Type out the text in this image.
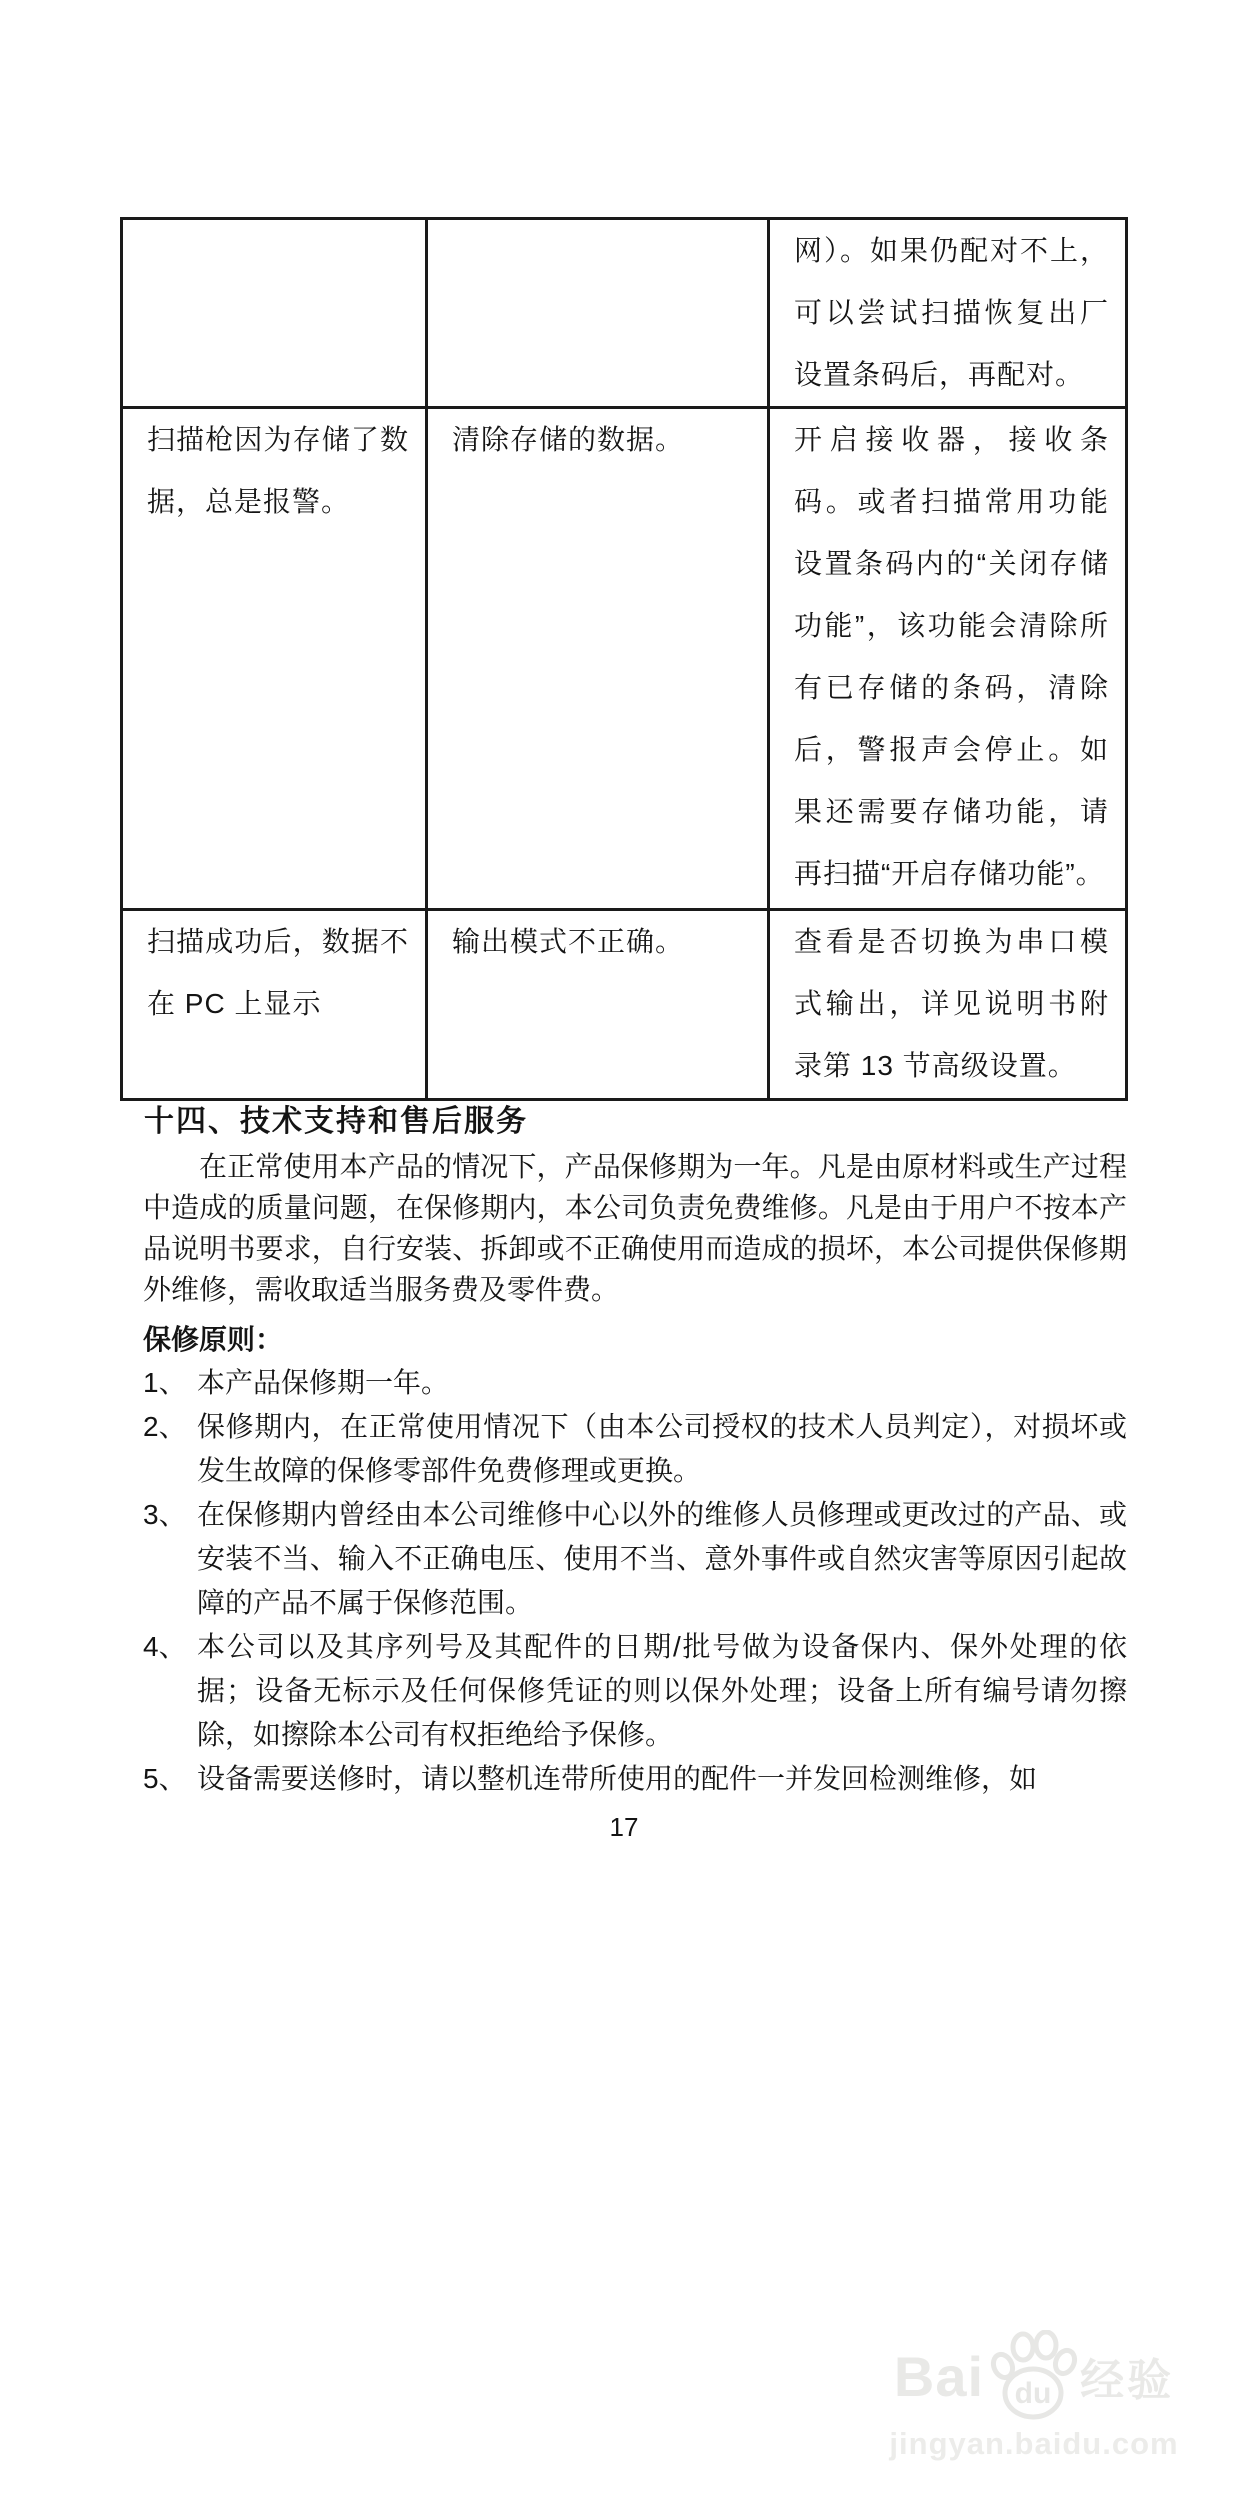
		网）。如果仍配对不上，可以尝试扫描恢复出厂设置条码后，再配对。
扫描枪因为存储了数据，总是报警。	清除存储的数据。	开启接收器，接收条码。或者扫描常用功能设置条码内的“关闭存储功能”，该功能会清除所有已存储的条码，清除后，警报声会停止。如果还需要存储功能，请再扫描“开启存储功能”。
扫描成功后，数据不在 PC 上显示	输出模式不正确。	查看是否切换为串口模式输出，详见说明书附录第 13 节高级设置。
十四、技术支持和售后服务

在正常使用本产品的情况下，产品保修期为一年。凡是由原材料或生产过程中造成的质量问题，在保修期内，本公司负责免费维修。凡是由于用户不按本产品说明书要求，自行安装、拆卸或不正确使用而造成的损坏，本公司提供保修期外维修，需收取适当服务费及零件费。

保修原则：

1、 本产品保修期一年。
2、 保修期内，在正常使用情况下（由本公司授权的技术人员判定），对损坏或发生故障的保修零部件免费修理或更换。
3、 在保修期内曾经由本公司维修中心以外的维修人员修理或更改过的产品、或安装不当、输入不正确电压、使用不当、意外事件或自然灾害等原因引起故障的产品不属于保修范围。
4、 本公司以及其序列号及其配件的日期/批号做为设备保内、保外处理的依据；设备无标示及任何保修凭证的则以保外处理；设备上所有编号请勿擦除，如擦除本公司有权拒绝给予保修。
5、 设备需要送修时，请以整机连带所使用的配件一并发回检测维修，如
17
Bai du 经验
jingyan.baidu.com
